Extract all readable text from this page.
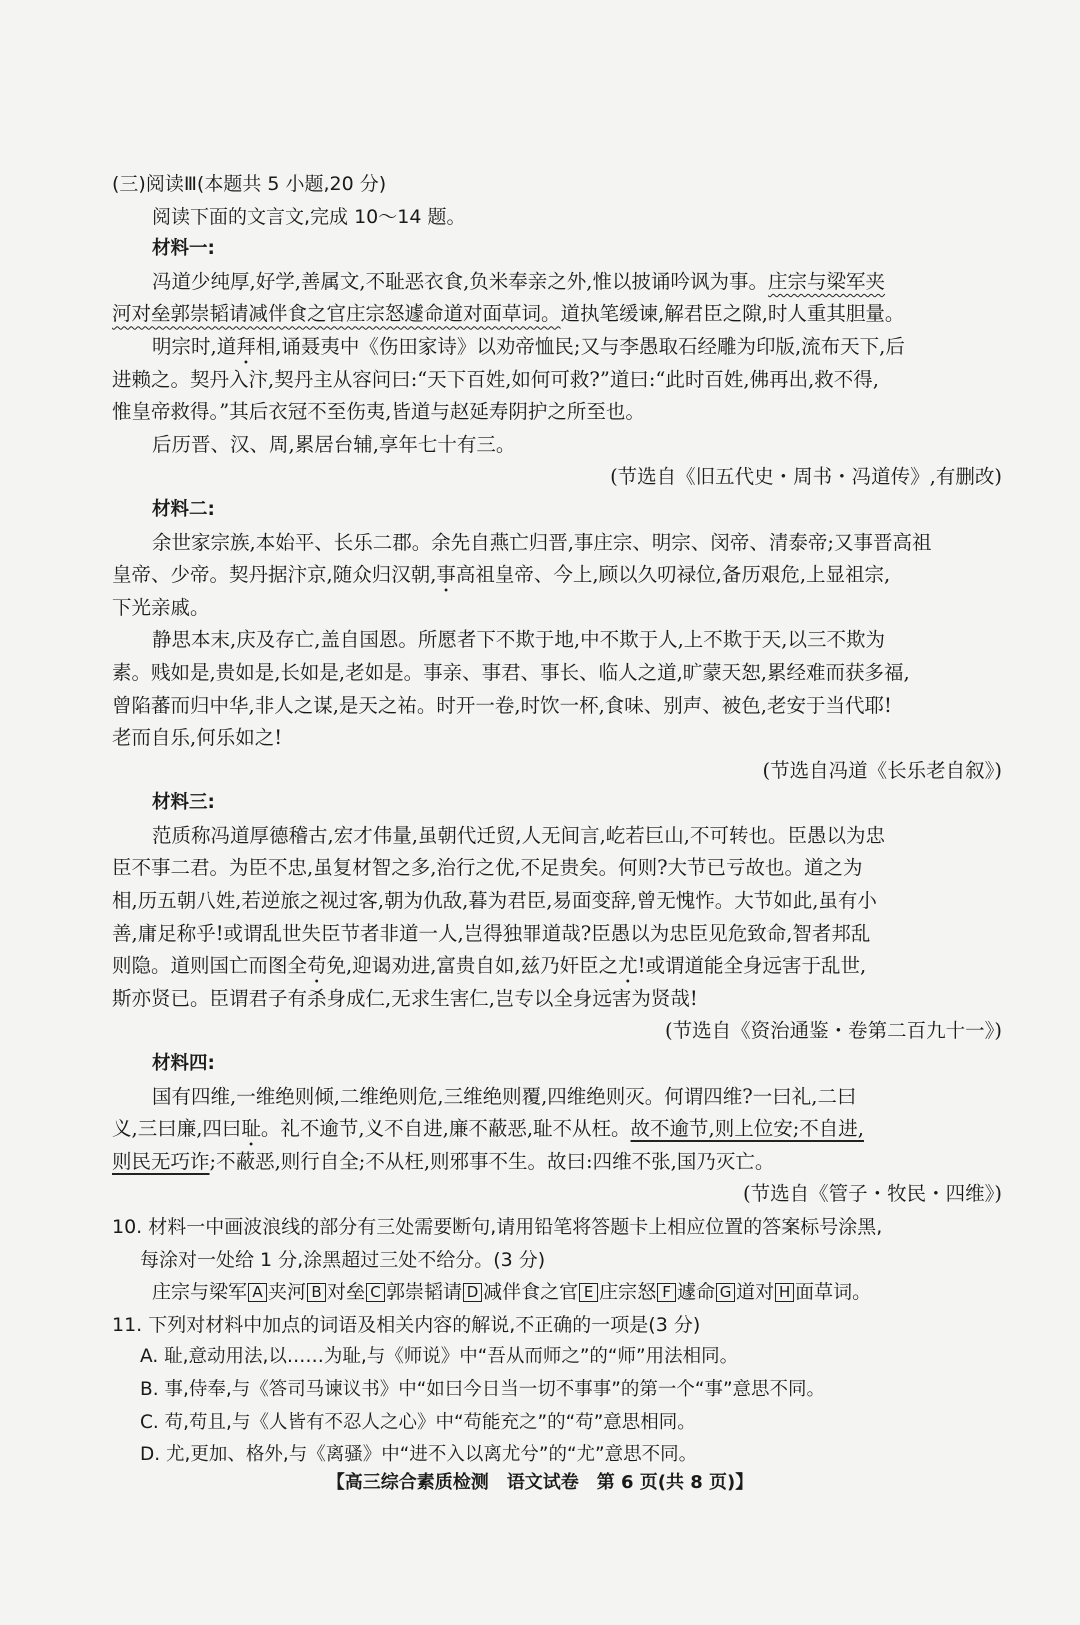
(三)阅读Ⅲ(本题共 5 小题,20 分)
阅读下面的文言文,完成 10～14 题。
材料一:
冯道少纯厚,好学,善属文,不耻恶衣食,负米奉亲之外,惟以披诵吟讽为事。庄宗与梁军夹
河对垒郭崇韬请减伴食之官庄宗怒遽命道对面草词。道执笔缓谏,解君臣之隙,时人重其胆量。
明宗时,道拜相,诵聂夷中《伤田家诗》以劝帝恤民;又与李愚取石经雕为印版,流布天下,后
进赖之。契丹入汴,契丹主从容问曰:“天下百姓,如何可救?”道曰:“此时百姓,佛再出,救不得,
惟皇帝救得。”其后衣冠不至伤夷,皆道与赵延寿阴护之所至也。
后历晋、汉、周,累居台辅,享年七十有三。
(节选自《旧五代史・周书・冯道传》,有删改)
材料二:
余世家宗族,本始平、长乐二郡。余先自燕亡归晋,事庄宗、明宗、闵帝、清泰帝;又事晋高祖
皇帝、少帝。契丹据汴京,随众归汉朝,事高祖皇帝、今上,顾以久叨禄位,备历艰危,上显祖宗,
下光亲戚。
静思本末,庆及存亡,盖自国恩。所愿者下不欺于地,中不欺于人,上不欺于天,以三不欺为
素。贱如是,贵如是,长如是,老如是。事亲、事君、事长、临人之道,旷蒙天恕,累经难而获多福,
曾陷蕃而归中华,非人之谋,是天之祐。时开一卷,时饮一杯,食味、别声、被色,老安于当代耶!
老而自乐,何乐如之!
(节选自冯道《长乐老自叙》)
材料三:
范质称冯道厚德稽古,宏才伟量,虽朝代迁贸,人无间言,屹若巨山,不可转也。臣愚以为忠
臣不事二君。为臣不忠,虽复材智之多,治行之优,不足贵矣。何则?大节已亏故也。道之为
相,历五朝八姓,若逆旅之视过客,朝为仇敌,暮为君臣,易面变辞,曾无愧怍。大节如此,虽有小
善,庸足称乎!或谓乱世失臣节者非道一人,岂得独罪道哉?臣愚以为忠臣见危致命,智者邦乱
则隐。道则国亡而图全苟免,迎谒劝进,富贵自如,兹乃奸臣之尤!或谓道能全身远害于乱世,
斯亦贤已。臣谓君子有杀身成仁,无求生害仁,岂专以全身远害为贤哉!
(节选自《资治通鉴・卷第二百九十一》)
材料四:
国有四维,一维绝则倾,二维绝则危,三维绝则覆,四维绝则灭。何谓四维?一曰礼,二曰
义,三曰廉,四曰耻。礼不逾节,义不自进,廉不蔽恶,耻不从枉。故不逾节,则上位安;不自进,
则民无巧诈;不蔽恶,则行自全;不从枉,则邪事不生。故曰:四维不张,国乃灭亡。
(节选自《管子・牧民・四维》)
10. 材料一中画波浪线的部分有三处需要断句,请用铅笔将答题卡上相应位置的答案标号涂黑,
每涂对一处给 1 分,涂黑超过三处不给分。(3 分)
庄宗与梁军 A 夹河 B 对垒 C 郭崇韬请 D 减伴食之官 E 庄宗怒 F 遽命 G 道对 H 面草词。
11. 下列对材料中加点的词语及相关内容的解说,不正确的一项是(3 分)
A. 耻,意动用法,以……为耻,与《师说》中“吾从而师之”的“师”用法相同。
B. 事,侍奉,与《答司马谏议书》中“如曰今日当一切不事事”的第一个“事”意思不同。
C. 苟,苟且,与《人皆有不忍人之心》中“苟能充之”的“苟”意思相同。
D. 尤,更加、格外,与《离骚》中“进不入以离尤兮”的“尤”意思不同。
【高三综合素质检测　语文试卷　第 6 页(共 8 页)】
